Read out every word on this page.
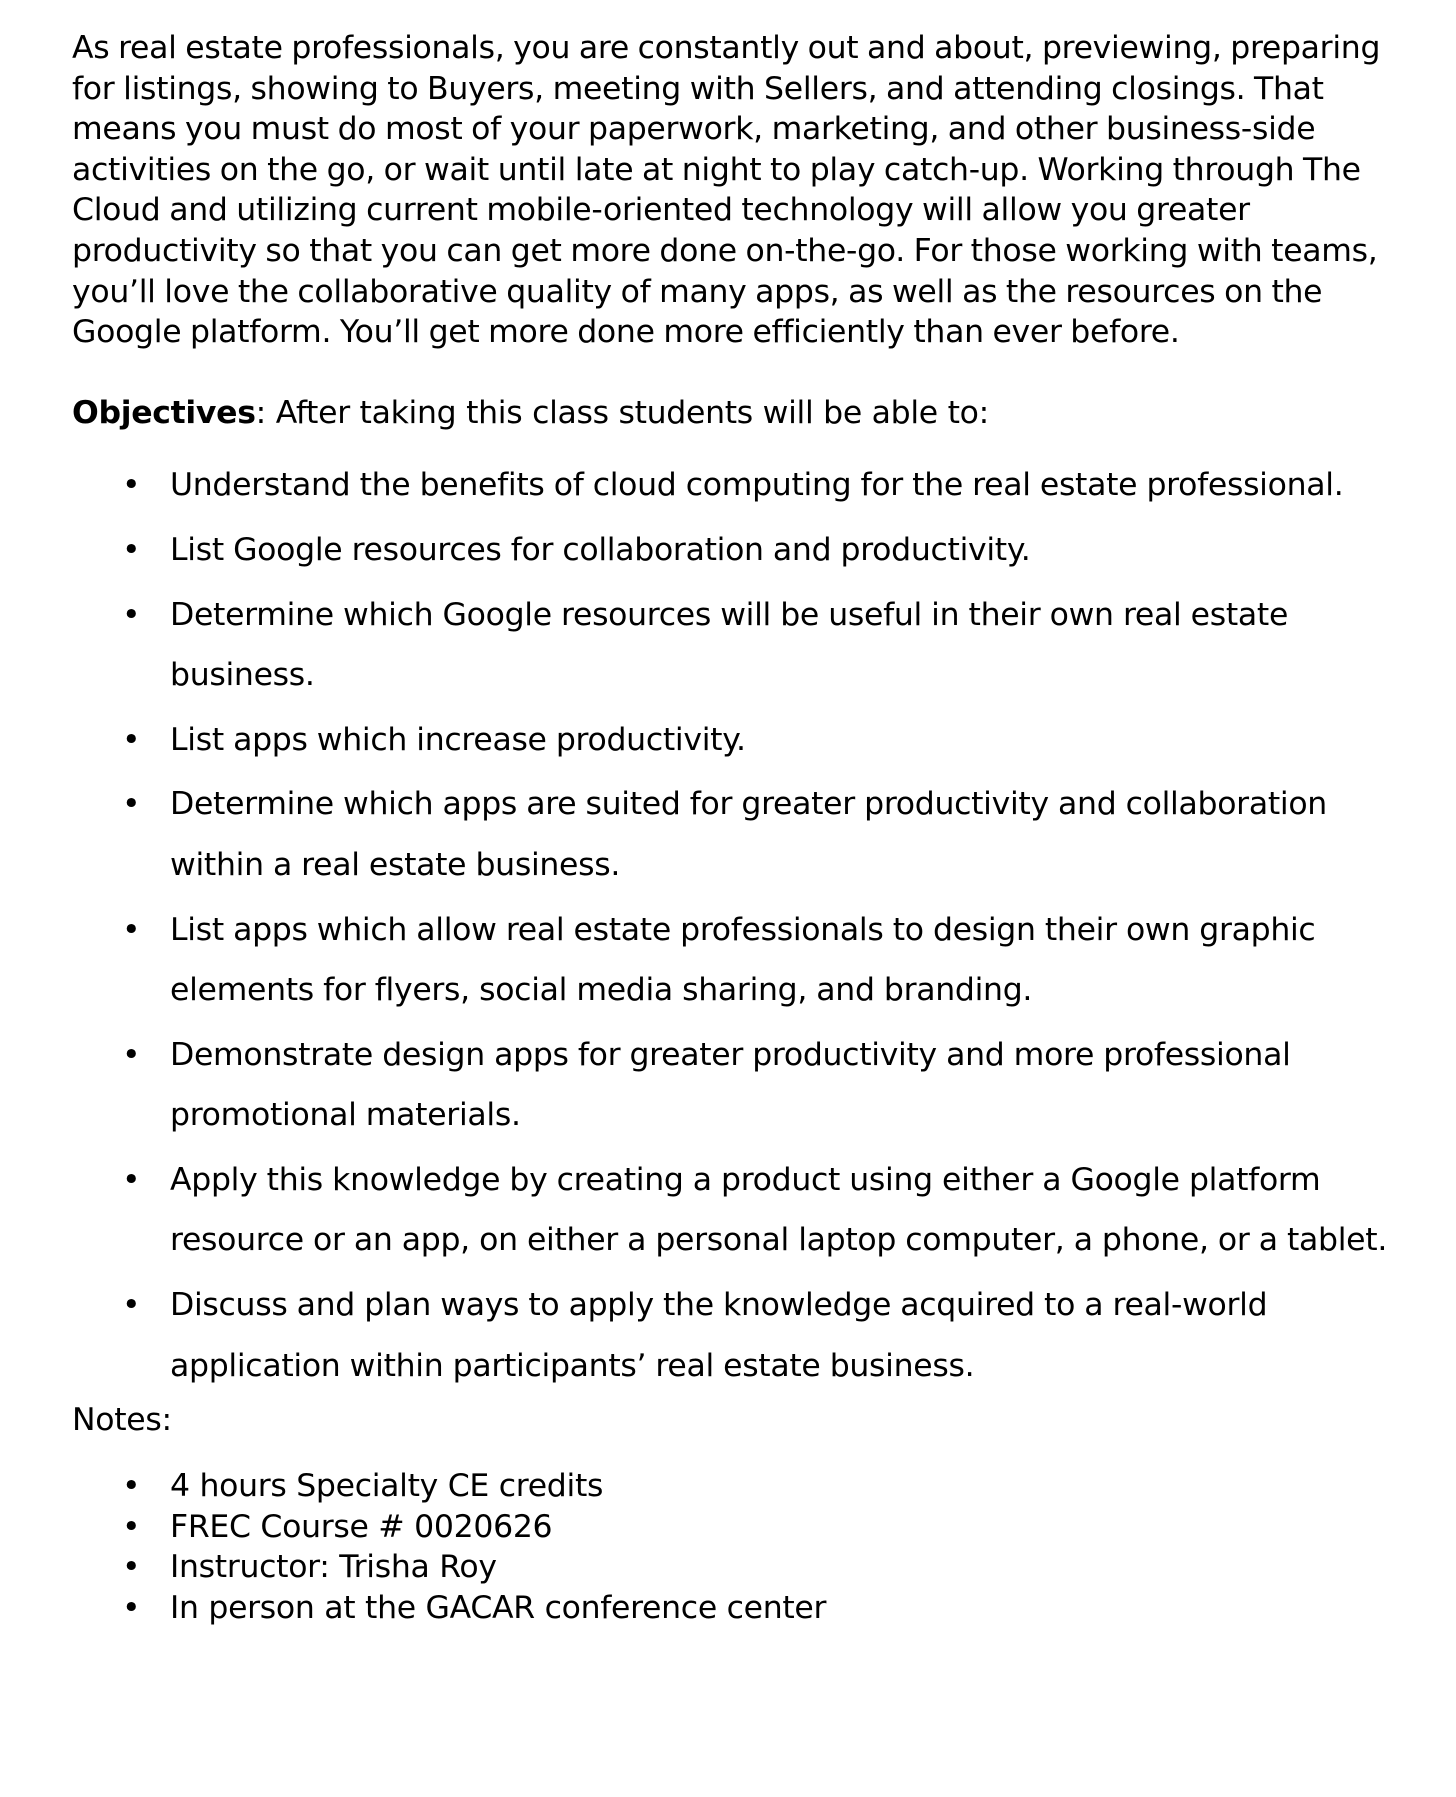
As real estate professionals, you are constantly out and about, previewing, preparing for listings, showing to Buyers, meeting with Sellers, and attending closings. That means you must do most of your paperwork, marketing, and other business-side activities on the go, or wait until late at night to play catch-up. Working through The Cloud and utilizing current mobile-oriented technology will allow you greater productivity so that you can get more done on-the-go. For those working with teams, you’ll love the collaborative quality of many apps, as well as the resources on the Google platform. You’ll get more done more efficiently than ever before.

Objectives: After taking this class students will be able to:

• Understand the benefits of cloud computing for the real estate professional.
• List Google resources for collaboration and productivity.
• Determine which Google resources will be useful in their own real estate business.
• List apps which increase productivity.
• Determine which apps are suited for greater productivity and collaboration within a real estate business.
• List apps which allow real estate professionals to design their own graphic elements for flyers, social media sharing, and branding.
• Demonstrate design apps for greater productivity and more professional promotional materials.
• Apply this knowledge by creating a product using either a Google platform resource or an app, on either a personal laptop computer, a phone, or a tablet.
• Discuss and plan ways to apply the knowledge acquired to a real-world application within participants’ real estate business.

Notes:

• 4 hours Specialty CE credits
• FREC Course # 0020626
• Instructor: Trisha Roy
• In person at the GACAR conference center
